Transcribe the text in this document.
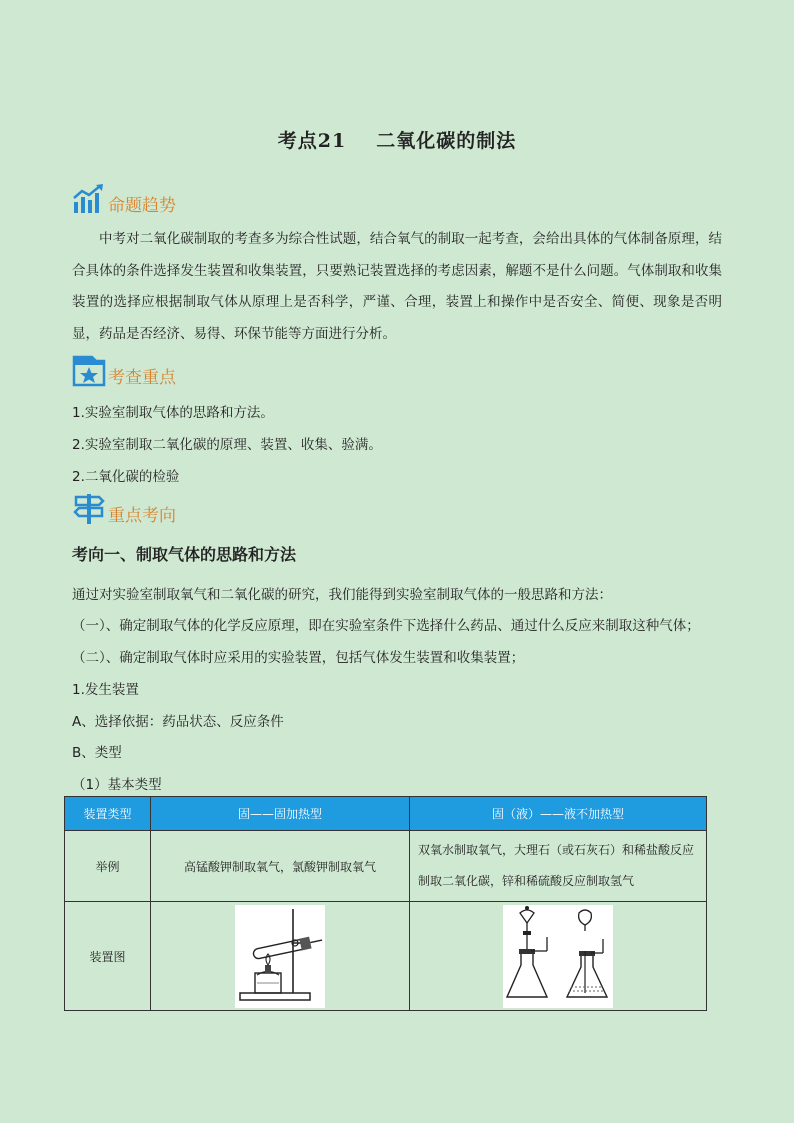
考点21 二氧化碳的制法
命题趋势
中考对二氧化碳制取的考查多为综合性试题，结合氧气的制取一起考查，会给出具体的气体制备原理，结合具体的条件选择发生装置和收集装置，只要熟记装置选择的考虑因素，解题不是什么问题。气体制取和收集装置的选择应根据制取气体从原理上是否科学，严谨、合理，装置上和操作中是否安全、简便、现象是否明显，药品是否经济、易得、环保节能等方面进行分析。
考查重点
1.实验室制取气体的思路和方法。
2.实验室制取二氧化碳的原理、装置、收集、验满。
2.二氧化碳的检验
重点考向
考向一、制取气体的思路和方法
通过对实验室制取氧气和二氧化碳的研究，我们能得到实验室制取气体的一般思路和方法：
（一）、确定制取气体的化学反应原理，即在实验室条件下选择什么药品、通过什么反应来制取这种气体；
（二）、确定制取气体时应采用的实验装置，包括气体发生装置和收集装置；
1.发生装置
A、选择依据：药品状态、反应条件
B、类型
（1）基本类型
装置类型	固——固加热型	固（液）——液不加热型
举例	高锰酸钾制取氧气，氯酸钾制取氧气	双氧水制取氧气，大理石（或石灰石）和稀盐酸反应制取二氧化碳，锌和稀硫酸反应制取氢气
装置图		
